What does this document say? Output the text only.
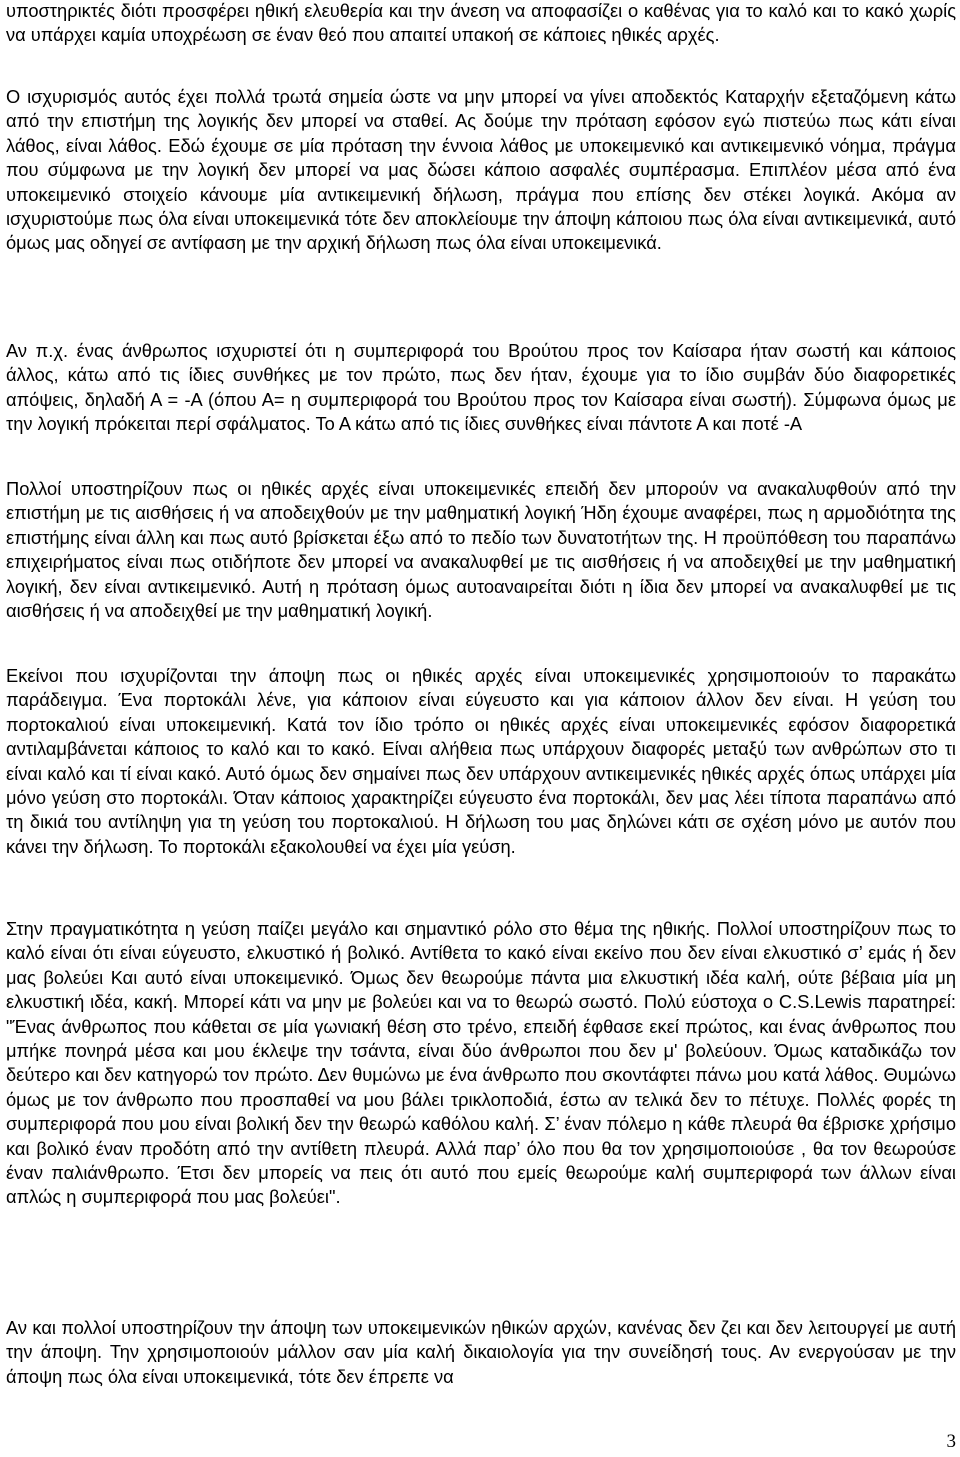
υποστηρικτές διότι προσφέρει ηθική ελευθερία και την άνεση να αποφασίζει ο καθένας για το καλό και το κακό χωρίς να υπάρχει καμία υποχρέωση σε έναν θεό που απαιτεί υπακοή σε κάποιες ηθικές αρχές.

Ο ισχυρισμός αυτός έχει πολλά τρωτά σημεία ώστε να μην μπορεί να γίνει αποδεκτός Καταρχήν εξεταζόμενη κάτω από την επιστήμη της λογικής δεν μπορεί να σταθεί. Ας δούμε την πρόταση εφόσον εγώ πιστεύω πως κάτι είναι λάθος, είναι λάθος. Εδώ έχουμε σε μία πρόταση την έννοια λάθος με υποκειμενικό και αντικειμενικό νόημα, πράγμα που σύμφωνα με την λογική δεν μπορεί να μας δώσει κάποιο ασφαλές συμπέρασμα. Επιπλέον μέσα από ένα υποκειμενικό στοιχείο κάνουμε μία αντικειμενική δήλωση, πράγμα που επίσης δεν στέκει λογικά. Ακόμα αν ισχυριστούμε πως όλα είναι υποκειμενικά τότε δεν αποκλείουμε την άποψη κάποιου πως όλα είναι αντικειμενικά, αυτό όμως μας οδηγεί σε αντίφαση με την αρχική δήλωση πως όλα είναι υποκειμενικά.

Αν π.χ. ένας άνθρωπος ισχυριστεί ότι η συμπεριφορά του Βρούτου προς τον Καίσαρα ήταν σωστή και κάποιος άλλος, κάτω από τις ίδιες συνθήκες με τον πρώτο, πως δεν ήταν, έχουμε για το ίδιο συμβάν δύο διαφορετικές απόψεις, δηλαδή Α = -Α (όπου Α= η συμπεριφορά του Βρούτου προς τον Καίσαρα είναι σωστή). Σύμφωνα όμως με την λογική πρόκειται περί σφάλματος. Το Α κάτω από τις ίδιες συνθήκες είναι πάντοτε Α και ποτέ -Α

Πολλοί υποστηρίζουν πως οι ηθικές αρχές είναι υποκειμενικές επειδή δεν μπορούν να ανακαλυφθούν από την επιστήμη με τις αισθήσεις ή να αποδειχθούν με την μαθηματική λογική Ήδη έχουμε αναφέρει, πως η αρμοδιότητα της επιστήμης είναι άλλη και πως αυτό βρίσκεται έξω από το πεδίο των δυνατοτήτων της. Η προϋπόθεση του παραπάνω επιχειρήματος είναι πως οτιδήποτε δεν μπορεί να ανακαλυφθεί με τις αισθήσεις ή να αποδειχθεί με την μαθηματική λογική, δεν είναι αντικειμενικό. Αυτή η πρόταση όμως αυτοαναιρείται διότι η ίδια δεν μπορεί να ανακαλυφθεί με τις αισθήσεις ή να αποδειχθεί με την μαθηματική λογική.

Εκείνοι που ισχυρίζονται την άποψη πως οι ηθικές αρχές είναι υποκειμενικές χρησιμοποιούν το παρακάτω παράδειγμα. Ένα πορτοκάλι λένε, για κάποιον είναι εύγευστο και για κάποιον άλλον δεν είναι. Η γεύση του πορτοκαλιού είναι υποκειμενική. Κατά τον ίδιο τρόπο οι ηθικές αρχές είναι υποκειμενικές εφόσον διαφορετικά αντιλαμβάνεται κάποιος το καλό και το κακό. Είναι αλήθεια πως υπάρχουν διαφορές μεταξύ των ανθρώπων στο τι είναι καλό και τί είναι κακό. Αυτό όμως δεν σημαίνει πως δεν υπάρχουν αντικειμενικές ηθικές αρχές όπως υπάρχει μία μόνο γεύση στο πορτοκάλι. Όταν κάποιος χαρακτηρίζει εύγευστο ένα πορτοκάλι, δεν μας λέει τίποτα παραπάνω από τη δικιά του αντίληψη για τη γεύση του πορτοκαλιού. Η δήλωση του μας δηλώνει κάτι σε σχέση μόνο με αυτόν που κάνει την δήλωση. Το πορτοκάλι εξακολουθεί να έχει μία γεύση.

Στην πραγματικότητα η γεύση παίζει μεγάλο και σημαντικό ρόλο στο θέμα της ηθικής. Πολλοί υποστηρίζουν πως το καλό είναι ότι είναι εύγευστο, ελκυστικό ή βολικό. Αντίθετα το κακό είναι εκείνο που δεν είναι ελκυστικό σ’ εμάς ή δεν μας βολεύει Και αυτό είναι υποκειμενικό. Όμως δεν θεωρούμε πάντα μια ελκυστική ιδέα καλή, ούτε βέβαια μία μη ελκυστική ιδέα, κακή. Μπορεί κάτι να μην με βολεύει και να το θεωρώ σωστό. Πολύ εύστοχα ο C.S.Lewis παρατηρεί: "Ένας άνθρωπος που κάθεται σε μία γωνιακή θέση στο τρένο, επειδή έφθασε εκεί πρώτος, και ένας άνθρωπος που μπήκε πονηρά μέσα και μου έκλεψε την τσάντα, είναι δύο άνθρωποι που δεν μ' βολεύουν. Όμως καταδικάζω τον δεύτερο και δεν κατηγορώ τον πρώτο. Δεν θυμώνω με ένα άνθρωπο που σκοντάφτει πάνω μου κατά λάθος. Θυμώνω όμως με τον άνθρωπο που προσπαθεί να μου βάλει τρικλοποδιά, έστω αν τελικά δεν το πέτυχε. Πολλές φορές τη συμπεριφορά που μου είναι βολική δεν την θεωρώ καθόλου καλή. Σ’ έναν πόλεμο η κάθε πλευρά θα έβρισκε χρήσιμο και βολικό έναν προδότη από την αντίθετη πλευρά. Αλλά παρ’ όλο που θα τον χρησιμοποιούσε , θα τον θεωρούσε έναν παλιάνθρωπο. Έτσι δεν μπορείς να πεις ότι αυτό που εμείς θεωρούμε καλή συμπεριφορά των άλλων είναι απλώς η συμπεριφορά που μας βολεύει".

Αν και πολλοί υποστηρίζουν την άποψη των υποκειμενικών ηθικών αρχών, κανένας δεν ζει και δεν λειτουργεί με αυτή την άποψη. Την χρησιμοποιούν μάλλον σαν μία καλή δικαιολογία για την συνείδησή τους. Αν ενεργούσαν με την άποψη πως όλα είναι υποκειμενικά, τότε δεν έπρεπε να

3
